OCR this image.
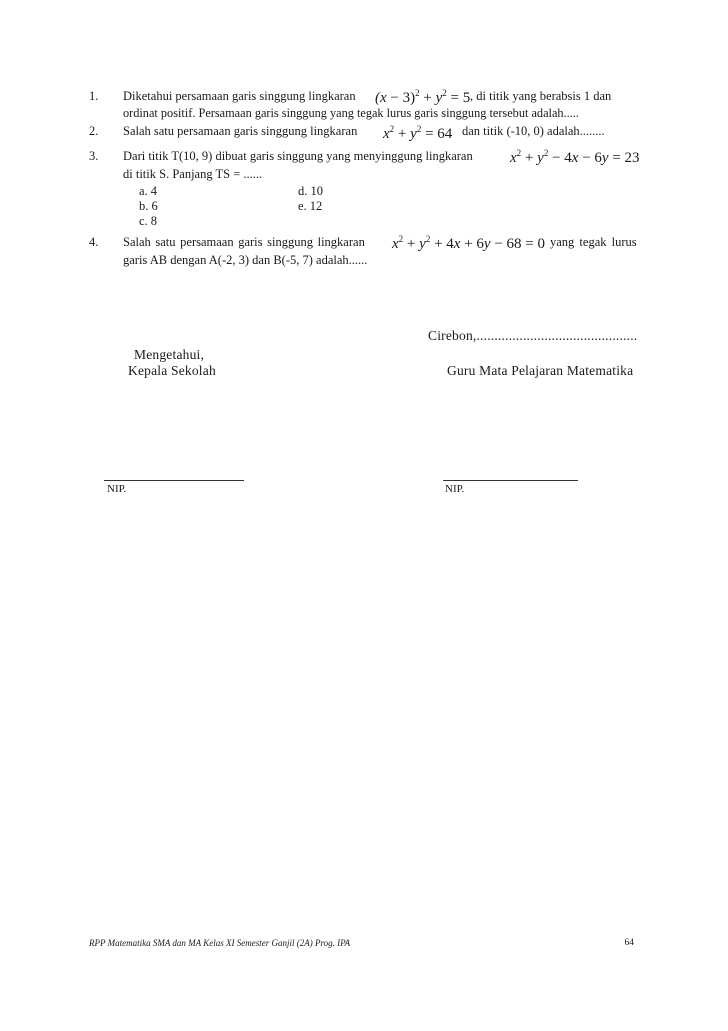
1. Diketahui persamaan garis singgung lingkaran $(x - 3)^2 + y^2 = 5$ , di titik yang berabsis 1 dan
ordinat positif. Persamaan garis singgung yang tegak lurus garis singgung tersebut adalah.....
2. Salah satu persamaan garis singgung lingkaran $x^2 + y^2 = 64$ dan titik (-10, 0) adalah........
3. Dari titik T(10, 9) dibuat garis singgung yang menyinggung lingkaran $x^2 + y^2 - 4x - 6y = 23$
di titik S. Panjang TS = ......
a. 4
b. 6
c. 8
d. 10
e. 12
4. Salah satu persamaan garis singgung lingkaran $x^2 + y^2 + 4x + 6y - 68 = 0$ yang tegak lurus
garis AB dengan A(-2, 3) dan B(-5, 7) adalah......
Cirebon,.............................................
Mengetahui,
Kepala Sekolah	Guru Mata Pelajaran Matematika
NIP.	NIP.
RPP Matematika SMA dan MA Kelas XI Semester Ganjil (2A) Prog. IPA	64
